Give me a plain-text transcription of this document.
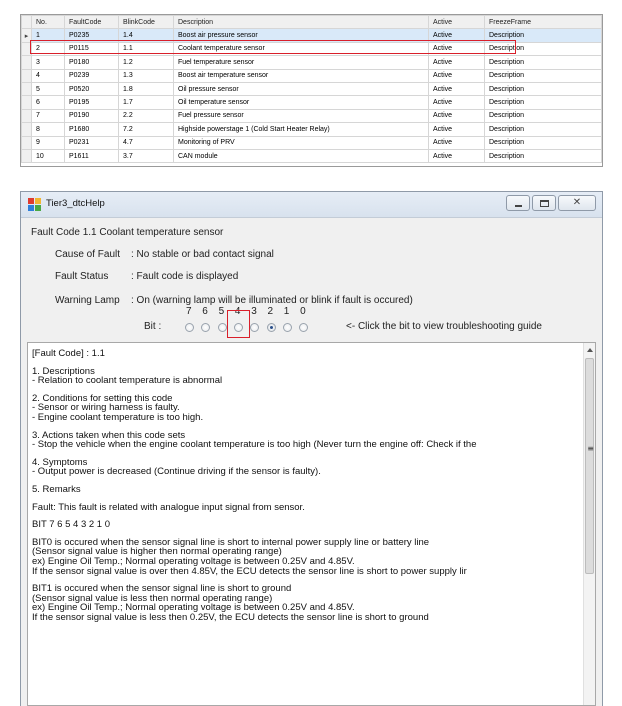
	No.	FaultCode	BlinkCode	Description	Active	FreezeFrame
▸	1	P0235	1.4	Boost air pressure sensor	Active	Description
	2	P0115	1.1	Coolant temperature sensor	Active	Description
	3	P0180	1.2	Fuel temperature sensor	Active	Description
	4	P0239	1.3	Boost air temperature sensor	Active	Description
	5	P0520	1.8	Oil pressure sensor	Active	Description
	6	P0195	1.7	Oil temperature sensor	Active	Description
	7	P0190	2.2	Fuel pressure sensor	Active	Description
	8	P1680	7.2	Highside powerstage 1 (Cold Start Heater Relay)	Active	Description
	9	P0231	4.7	Monitoring of PRV	Active	Description
	10	P1611	3.7	CAN module	Active	Description
Tier3_dtcHelp	✕
Fault Code 1.1 Coolant temperature sensor
Cause of Fault : No stable or bad contact signal
Fault Status : Fault code is displayed
Warning Lamp : On (warning lamp will be illuminated or blink if fault is occured)
7 6 5 4 3 2 1 0
Bit :	<- Click the bit to view troubleshooting guide
[Fault Code] : 1.1
1. Descriptions
- Relation to coolant temperature is abnormal
2. Conditions for setting this code
- Sensor or wiring harness is faulty.
- Engine coolant temperature is too high.
3. Actions taken when this code sets
- Stop the vehicle when the engine coolant temperature is too high (Never turn the engine off: Check if the
4. Symptoms
- Output power is decreased (Continue driving if the sensor is faulty).
5. Remarks
Fault: This fault is related with analogue input signal from sensor.
BIT 7 6 5 4 3 2 1 0
BIT0 is occured when the sensor signal line is short to internal power supply line or battery line
(Sensor signal value is higher then normal operating range)
ex) Engine Oil Temp.; Normal operating voltage is between 0.25V and 4.85V.
If the sensor signal value is over then 4.85V, the ECU detects the sensor line is short to power supply lir
BIT1 is occured when the sensor signal line is short to ground
(Sensor signal value is less then normal operating range)
ex) Engine Oil Temp.; Normal operating voltage is between 0.25V and 4.85V.
If the sensor signal value is less then 0.25V, the ECU detects the sensor line is short to ground
≡
